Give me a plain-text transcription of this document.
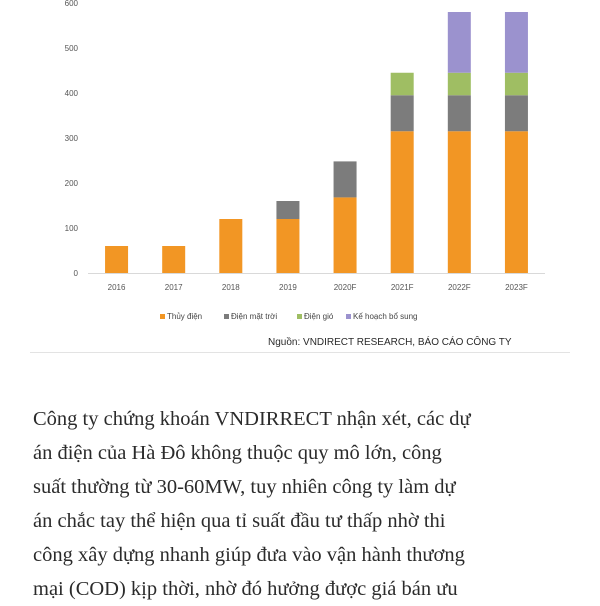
0
100
200
300
400
500
600
2016	2017	2018	2019	2020F	2021F	2022F	2023F
Thủy điện	Điện mặt trời	Điện gió Kế hoạch bổ sung
Nguồn: VNDIRECT RESEARCH, BÁO CÁO CÔNG TY
Công ty chứng khoán VNDIRRECT nhận xét, các dự
án điện của Hà Đô không thuộc quy mô lớn, công
suất thường từ 30-60MW, tuy nhiên công ty làm dự
án chắc tay thể hiện qua tỉ suất đầu tư thấp nhờ thi
công xây dựng nhanh giúp đưa vào vận hành thương
mại (COD) kịp thời, nhờ đó hưởng được giá bán ưu
